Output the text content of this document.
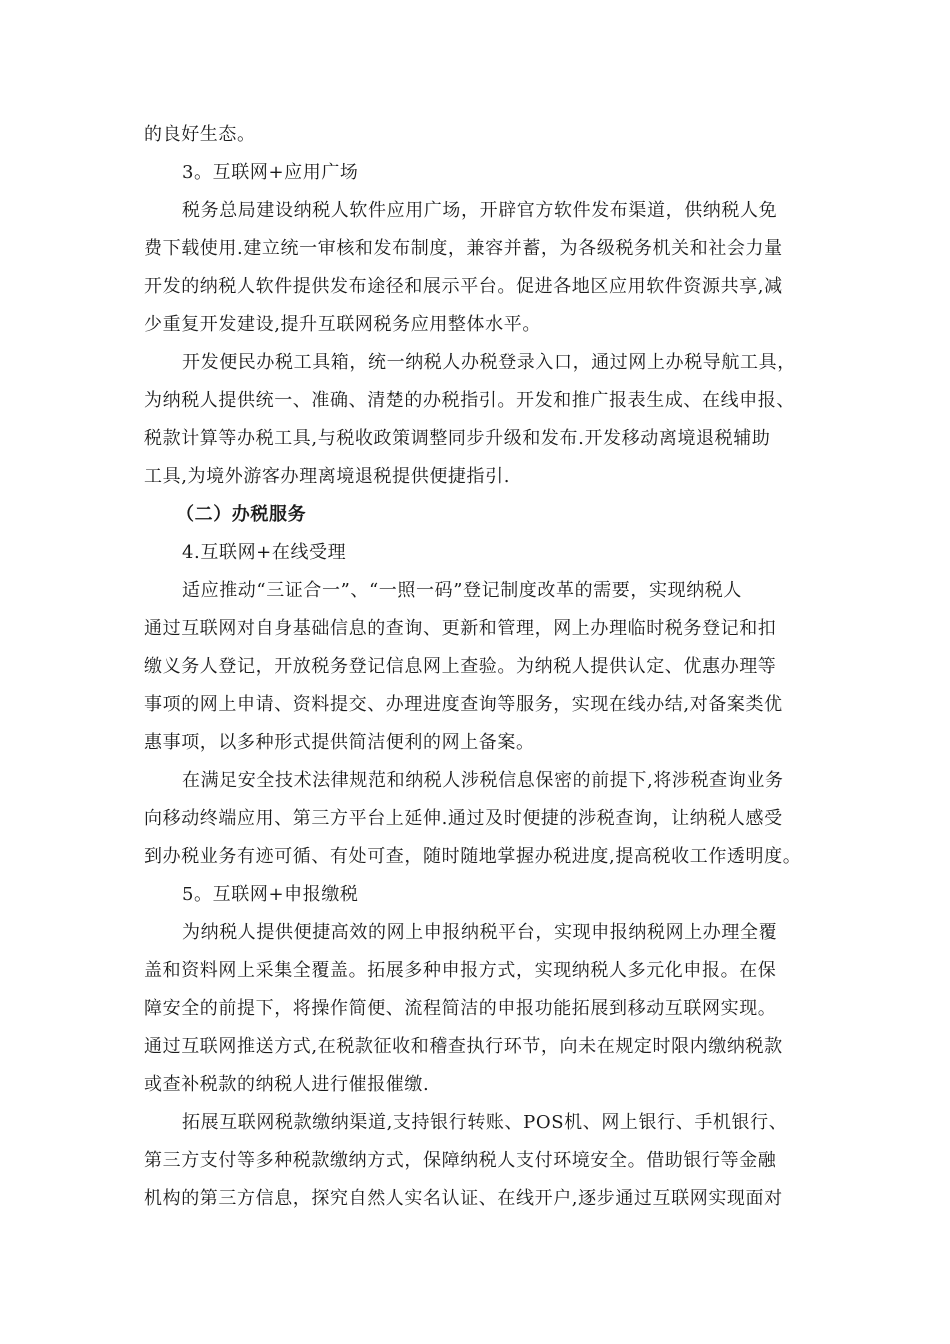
的良好生态。
3。互联网+应用广场
税务总局建设纳税人软件应用广场，开辟官方软件发布渠道，供纳税人免
费下载使用.建立统一审核和发布制度，兼容并蓄，为各级税务机关和社会力量
开发的纳税人软件提供发布途径和展示平台。促进各地区应用软件资源共享,减
少重复开发建设,提升互联网税务应用整体水平。
开发便民办税工具箱，统一纳税人办税登录入口，通过网上办税导航工具，
为纳税人提供统一、准确、清楚的办税指引。开发和推广报表生成、在线申报、
税款计算等办税工具,与税收政策调整同步升级和发布.开发移动离境退税辅助
工具,为境外游客办理离境退税提供便捷指引.
（二）办税服务
4.互联网+在线受理
适应推动“三证合一”、“一照一码”登记制度改革的需要，实现纳税人
通过互联网对自身基础信息的查询、更新和管理，网上办理临时税务登记和扣
缴义务人登记，开放税务登记信息网上查验。为纳税人提供认定、优惠办理等
事项的网上申请、资料提交、办理进度查询等服务，实现在线办结,对备案类优
惠事项，以多种形式提供简洁便利的网上备案。
在满足安全技术法律规范和纳税人涉税信息保密的前提下,将涉税查询业务
向移动终端应用、第三方平台上延伸.通过及时便捷的涉税查询，让纳税人感受
到办税业务有迹可循、有处可查，随时随地掌握办税进度,提高税收工作透明度。
5。互联网+申报缴税
为纳税人提供便捷高效的网上申报纳税平台，实现申报纳税网上办理全覆
盖和资料网上采集全覆盖。拓展多种申报方式，实现纳税人多元化申报。在保
障安全的前提下，将操作简便、流程简洁的申报功能拓展到移动互联网实现。
通过互联网推送方式,在税款征收和稽查执行环节，向未在规定时限内缴纳税款
或查补税款的纳税人进行催报催缴.
拓展互联网税款缴纳渠道,支持银行转账、POS机、网上银行、手机银行、
第三方支付等多种税款缴纳方式，保障纳税人支付环境安全。借助银行等金融
机构的第三方信息，探究自然人实名认证、在线开户,逐步通过互联网实现面对
